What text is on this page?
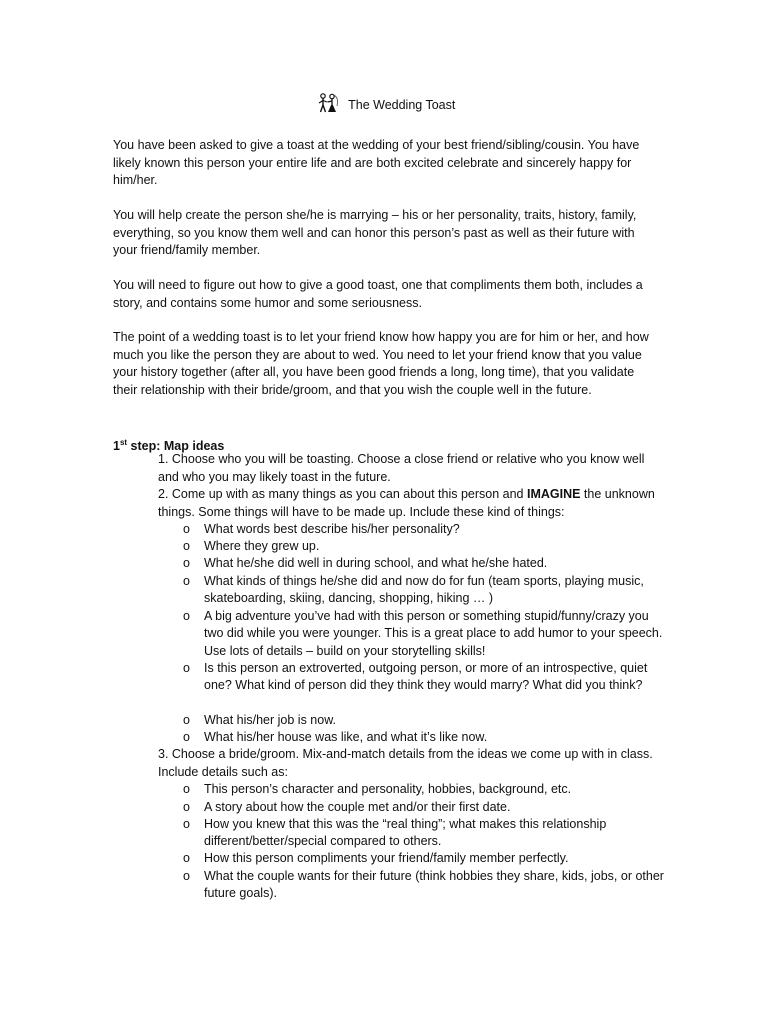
The Wedding Toast
You have been asked to give a toast at the wedding of your best friend/sibling/cousin. You have likely known this person your entire life and are both excited celebrate and sincerely happy for him/her.
You will help create the person she/he is marrying – his or her personality, traits, history, family, everything, so you know them well and can honor this person’s past as well as their future with your friend/family member.
You will need to figure out how to give a good toast, one that compliments them both, includes a story, and contains some humor and some seriousness.
The point of a wedding toast is to let your friend know how happy you are for him or her, and how much you like the person they are about to wed. You need to let your friend know that you value your history together (after all, you have been good friends a long, long time), that you validate their relationship with their bride/groom, and that you wish the couple well in the future.
1st step: Map ideas
1. Choose who you will be toasting. Choose a close friend or relative who you know well and who you may likely toast in the future.
2. Come up with as many things as you can about this person and IMAGINE the unknown things. Some things will have to be made up. Include these kind of things:
o What words best describe his/her personality?
o Where they grew up.
o What he/she did well in during school, and what he/she hated.
o What kinds of things he/she did and now do for fun (team sports, playing music, skateboarding, skiing, dancing, shopping, hiking … )
o A big adventure you’ve had with this person or something stupid/funny/crazy you two did while you were younger. This is a great place to add humor to your speech. Use lots of details – build on your storytelling skills!
o Is this person an extroverted, outgoing person, or more of an introspective, quiet one? What kind of person did they think they would marry? What did you think?
o What his/her job is now.
o What his/her house was like, and what it’s like now.
3. Choose a bride/groom. Mix-and-match details from the ideas we come up with in class. Include details such as:
o This person’s character and personality, hobbies, background, etc.
o A story about how the couple met and/or their first date.
o How you knew that this was the “real thing”; what makes this relationship different/better/special compared to others.
o How this person compliments your friend/family member perfectly.
o What the couple wants for their future (think hobbies they share, kids, jobs, or other future goals).
